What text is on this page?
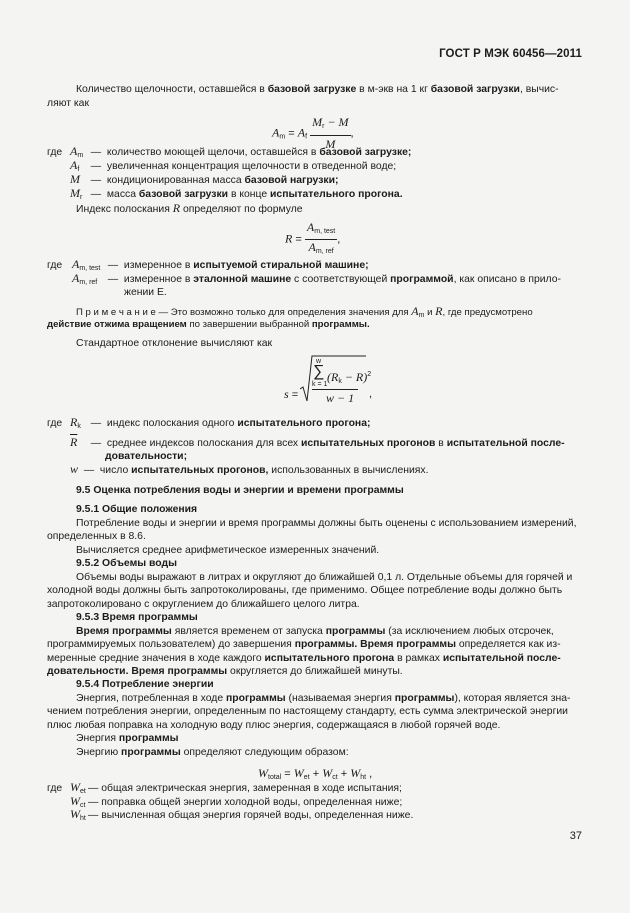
ГОСТ Р МЭК 60456—2011
Количество щелочности, оставшейся в базовой загрузке в м-экв на 1 кг базовой загрузки, вычис-
ляют как
$A_m = A_f \frac{M_r - M}{M}$ ,
где $A_m$ — количество моющей щелочи, оставшейся в базовой загрузке;
$A_f$ — увеличенная концентрация щелочности в отведенной воде;
M — кондиционированная масса базовой нагрузки;
$M_r$ — масса базовой загрузки в конце испытательного прогона.
Индекс полоскания R определяют по формуле
$R = \frac{A_{m, test}}{A_{m, ref}}$ ,
где $A_{m, test}$ — измеренное в испытуемой стиральной машине;
$A_{m, ref}$ — измеренное в эталонной машине с соответствующей программой, как описано в прило-
жении Е.
П р и м е ч а н и е — Это возможно только для определения значения для $A_m$ и R, где предусмотрено
действие отжима вращением по завершении выбранной программы.
Стандартное отклонение вычисляют как
s =
w
∑
k = 1
$(R_k - R)^2$
w − 1 ,
где $R_k$ — индекс полоскания одного испытательного прогона;
$\overline{R}$ — среднее индексов полоскания для всех испытательных прогонов в испытательной после-
довательности;
w — число испытательных прогонов, использованных в вычислениях.
9.5 Оценка потребления воды и энергии и времени программы
9.5.1 Общие положения
Потребление воды и энергии и время программы должны быть оценены с использованием измерений,
определенных в 8.6.
Вычисляется среднее арифметическое измеренных значений.
9.5.2 Объемы воды
Объемы воды выражают в литрах и округляют до ближайшей 0,1 л. Отдельные объемы для горячей и
холодной воды должны быть запротоколированы, где применимо. Общее потребление воды должно быть
запротоколировано с округлением до ближайшего целого литра.
9.5.3 Время программы
Время программы является временем от запуска программы (за исключением любых отсрочек,
программируемых пользователем) до завершения программы. Время программы определяется как из-
меренные средние значения в ходе каждого испытательного прогона в рамках испытательной после-
довательности. Время программы округляется до ближайшей минуты.
9.5.4 Потребление энергии
Энергия, потребленная в ходе программы (называемая энергия программы), которая является зна-
чением потребления энергии, определенным по настоящему стандарту, есть сумма электрической энергии
плюс любая поправка на холодную воду плюс энергия, содержащаяся в любой горячей воде.
Энергия программы
Энергию программы определяют следующим образом:
$W_{total} = W_{et} + W_{ct} + W_{ht}$ ,
где $W_{et}$ — общая электрическая энергия, замеренная в ходе испытания;
$W_{ct}$ — поправка общей энергии холодной воды, определенная ниже;
$W_{ht}$ — вычисленная общая энергия горячей воды, определенная ниже.
37
